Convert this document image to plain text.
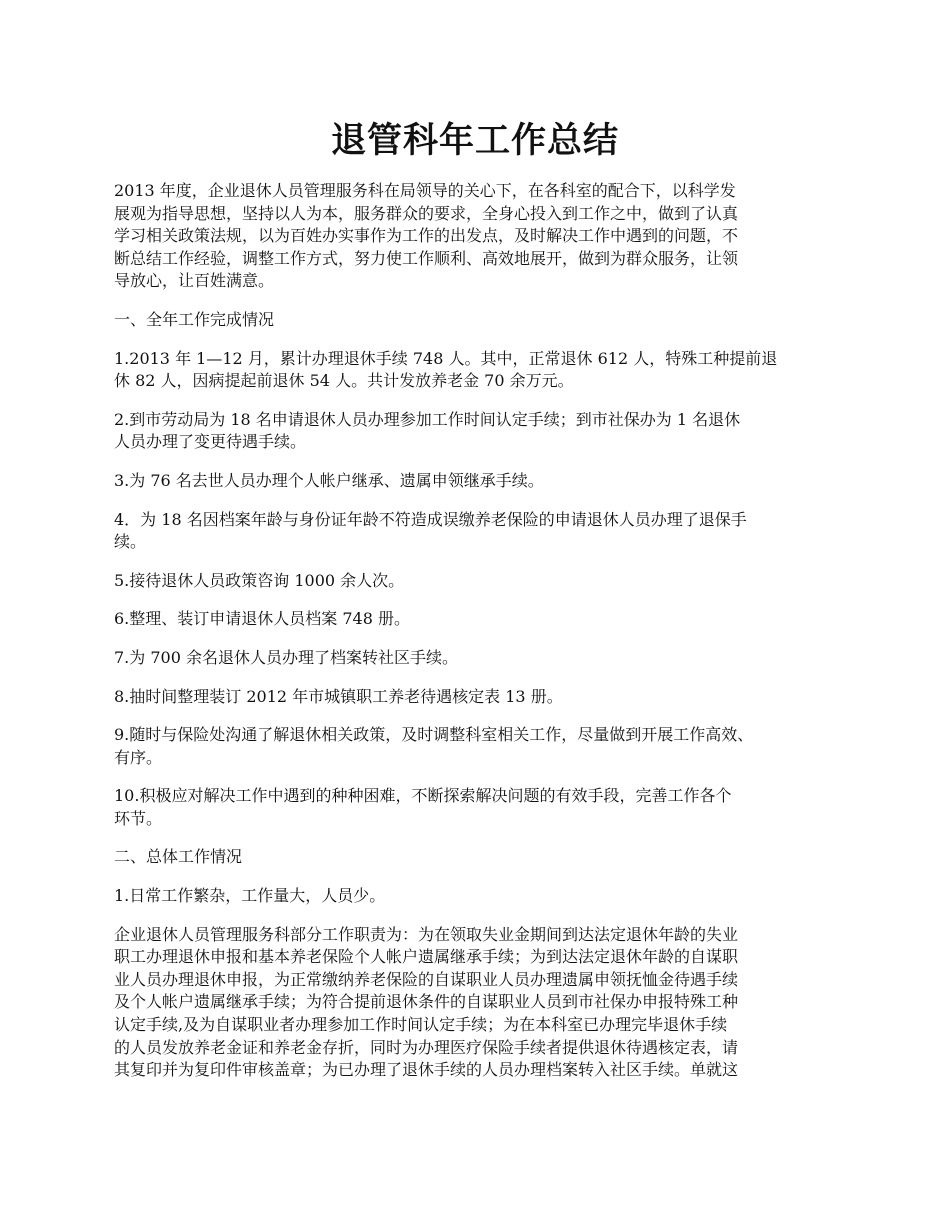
退管科年工作总结

2013 年度，企业退休人员管理服务科在局领导的关心下，在各科室的配合下，以科学发
展观为指导思想，坚持以人为本，服务群众的要求，全身心投入到工作之中，做到了认真
学习相关政策法规，以为百姓办实事作为工作的出发点，及时解决工作中遇到的问题，不
断总结工作经验，调整工作方式，努力使工作顺利、高效地展开，做到为群众服务，让领
导放心，让百姓满意。

一、全年工作完成情况

1.2013 年 1—12 月，累计办理退休手续 748 人。其中，正常退休 612 人，特殊工种提前退
休 82 人，因病提起前退休 54 人。共计发放养老金 70 余万元。

2.到市劳动局为 18 名申请退休人员办理参加工作时间认定手续；到市社保办为 1 名退休
人员办理了变更待遇手续。

3.为 76 名去世人员办理个人帐户继承、遗属申领继承手续。

4．为 18 名因档案年龄与身份证年龄不符造成误缴养老保险的申请退休人员办理了退保手
续。

5.接待退休人员政策咨询 1000 余人次。

6.整理、装订申请退休人员档案 748 册。

7.为 700 余名退休人员办理了档案转社区手续。

8.抽时间整理装订 2012 年市城镇职工养老待遇核定表 13 册。

9.随时与保险处沟通了解退休相关政策，及时调整科室相关工作，尽量做到开展工作高效、
有序。

10.积极应对解决工作中遇到的种种困难，不断探索解决问题的有效手段，完善工作各个
环节。

二、总体工作情况

1.日常工作繁杂，工作量大，人员少。

企业退休人员管理服务科部分工作职责为：为在领取失业金期间到达法定退休年龄的失业
职工办理退休申报和基本养老保险个人帐户遗属继承手续；为到达法定退休年龄的自谋职
业人员办理退休申报，为正常缴纳养老保险的自谋职业人员办理遗属申领抚恤金待遇手续
及个人帐户遗属继承手续；为符合提前退休条件的自谋职业人员到市社保办申报特殊工种
认定手续,及为自谋职业者办理参加工作时间认定手续；为在本科室已办理完毕退休手续
的人员发放养老金证和养老金存折，同时为办理医疗保险手续者提供退休待遇核定表，请
其复印并为复印件审核盖章；为已办理了退休手续的人员办理档案转入社区手续。单就这
